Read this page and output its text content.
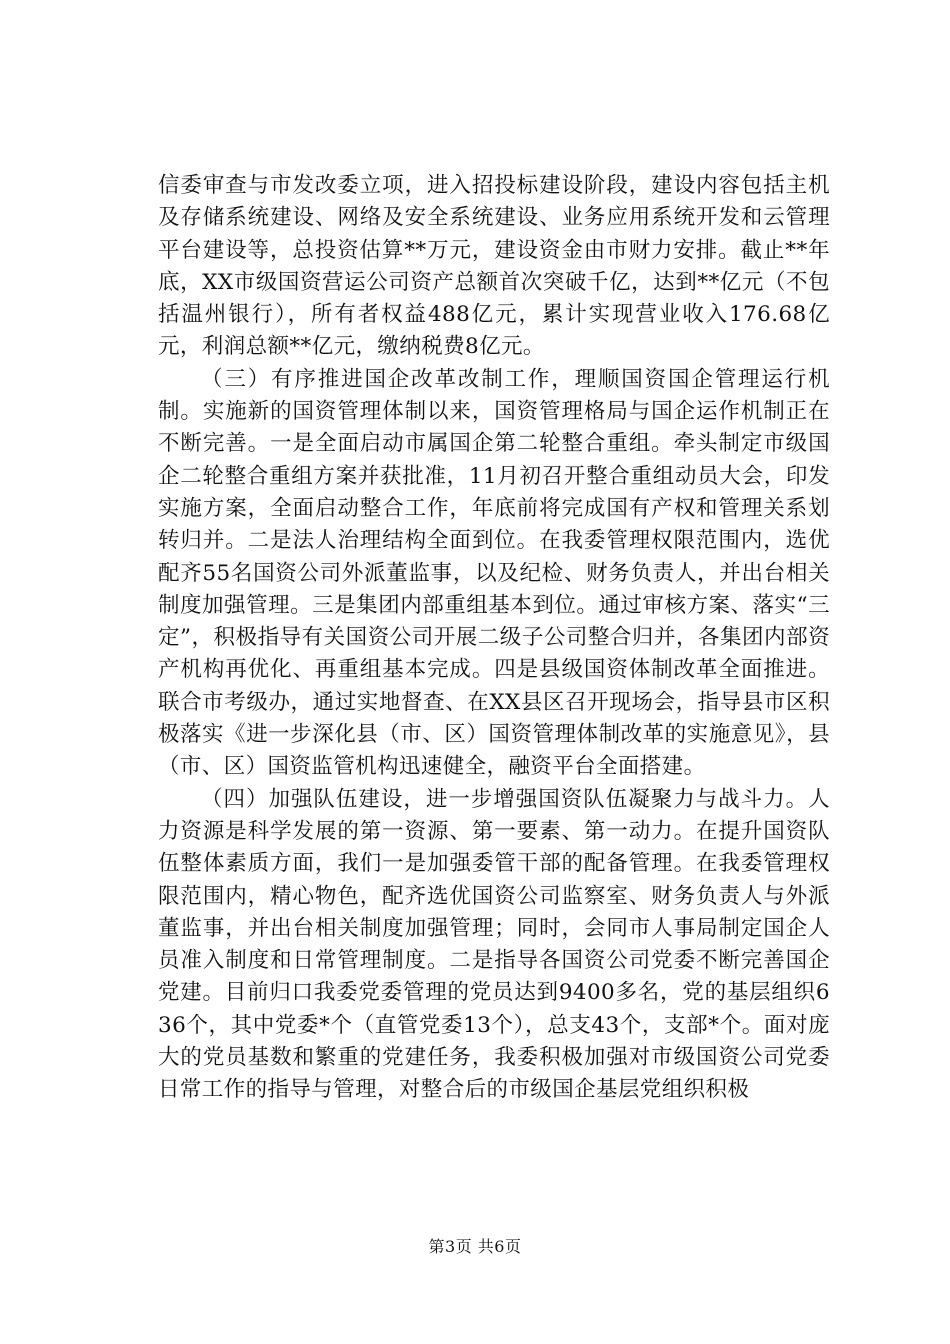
信委审查与市发改委立项，进入招投标建设阶段，建设内容包括主机及存储系统建设、网络及安全系统建设、业务应用系统开发和云管理平台建设等，总投资估算**万元，建设资金由市财力安排。截止**年底，XX市级国资营运公司资产总额首次突破千亿，达到**亿元（不包括温州银行），所有者权益488亿元，累计实现营业收入176.68亿元，利润总额**亿元，缴纳税费8亿元。

（三）有序推进国企改革改制工作，理顺国资国企管理运行机制。实施新的国资管理体制以来，国资管理格局与国企运作机制正在不断完善。一是全面启动市属国企第二轮整合重组。牵头制定市级国企二轮整合重组方案并获批准，11月初召开整合重组动员大会，印发实施方案，全面启动整合工作，年底前将完成国有产权和管理关系划转归并。二是法人治理结构全面到位。在我委管理权限范围内，选优配齐55名国资公司外派董监事，以及纪检、财务负责人，并出台相关制度加强管理。三是集团内部重组基本到位。通过审核方案、落实“三定”，积极指导有关国资公司开展二级子公司整合归并，各集团内部资产机构再优化、再重组基本完成。四是县级国资体制改革全面推进。联合市考级办，通过实地督查、在XX县区召开现场会，指导县市区积极落实《进一步深化县（市、区）国资管理体制改革的实施意见》，县（市、区）国资监管机构迅速健全，融资平台全面搭建。

（四）加强队伍建设，进一步增强国资队伍凝聚力与战斗力。人力资源是科学发展的第一资源、第一要素、第一动力。在提升国资队伍整体素质方面，我们一是加强委管干部的配备管理。在我委管理权限范围内，精心物色，配齐选优国资公司监察室、财务负责人与外派董监事，并出台相关制度加强管理；同时，会同市人事局制定国企人员准入制度和日常管理制度。二是指导各国资公司党委不断完善国企党建。目前归口我委党委管理的党员达到9400多名，党的基层组织636个，其中党委*个（直管党委13个），总支43个，支部*个。面对庞大的党员基数和繁重的党建任务，我委积极加强对市级国资公司党委日常工作的指导与管理，对整合后的市级国企基层党组织积极

第3页 共6页
